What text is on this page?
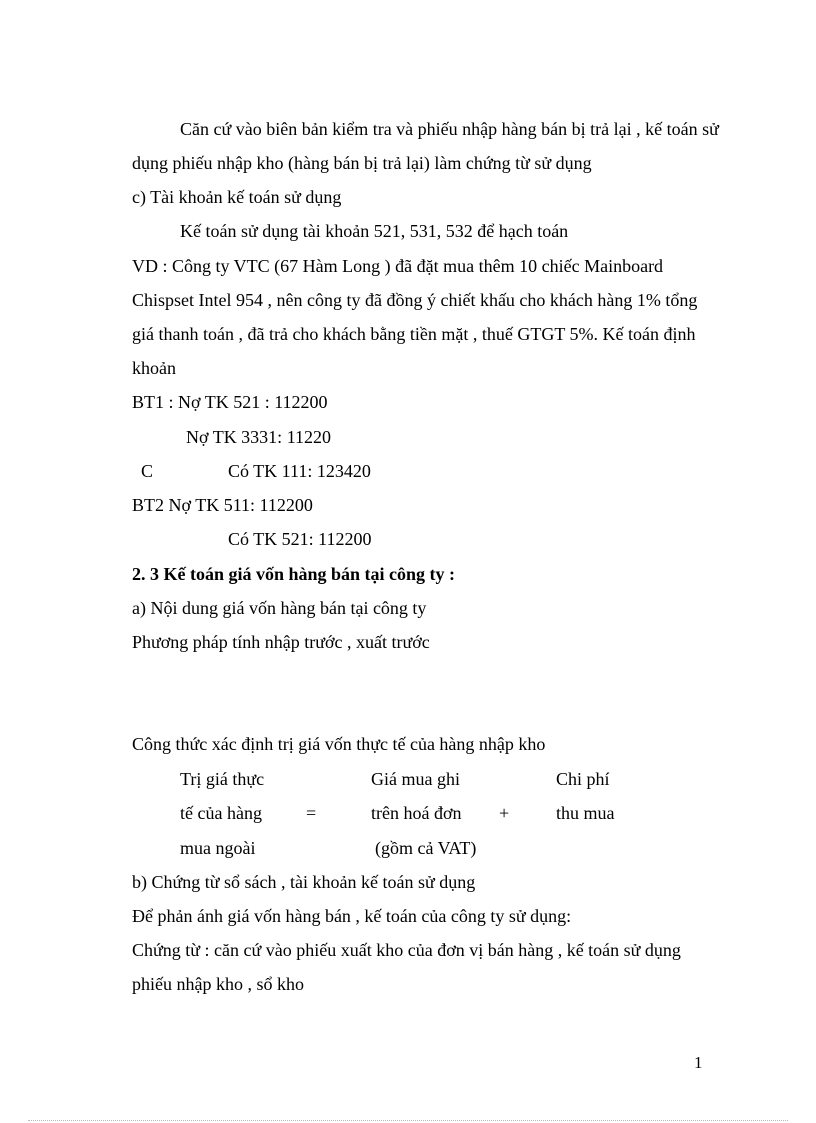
Căn cứ vào biên bản kiểm tra và phiếu nhập hàng bán bị trả lại , kế toán sử

dụng phiếu nhập kho (hàng bán bị trả lại) làm chứng từ sử dụng

c) Tài khoản kế toán sử dụng

Kế toán sử dụng tài khoản 521, 531, 532 để hạch toán

VD : Công ty VTC (67 Hàm Long ) đã đặt mua thêm 10 chiếc Mainboard

Chispset Intel 954 , nên công ty đã đồng ý chiết khấu cho khách hàng 1% tổng

giá thanh toán , đã trả cho khách bằng tiền mặt , thuế GTGT 5%. Kế toán định

khoản

BT1 : Nợ TK 521 : 112200

Nợ TK 3331: 11220

C	Có TK 111: 123420

BT2 Nợ TK 511: 112200

Có TK 521: 112200

2. 3 Kế toán giá vốn hàng bán tại công ty :

a) Nội dung giá vốn hàng bán tại công ty

Phương pháp tính nhập trước , xuất trước

Công thức xác định trị giá vốn thực tế của hàng nhập kho

Trị giá thực

tế của hàng

mua ngoài

=

Giá mua ghi

trên hoá đơn

(gồm cả VAT)

+

Chi phí

thu mua

b) Chứng từ sổ sách , tài khoản kế toán sử dụng

Để phản ánh giá vốn hàng bán , kế toán của công ty sử dụng:

Chứng từ : căn cứ vào phiếu xuất kho của đơn vị bán hàng , kế toán sử dụng

phiếu nhập kho , sổ kho

1
